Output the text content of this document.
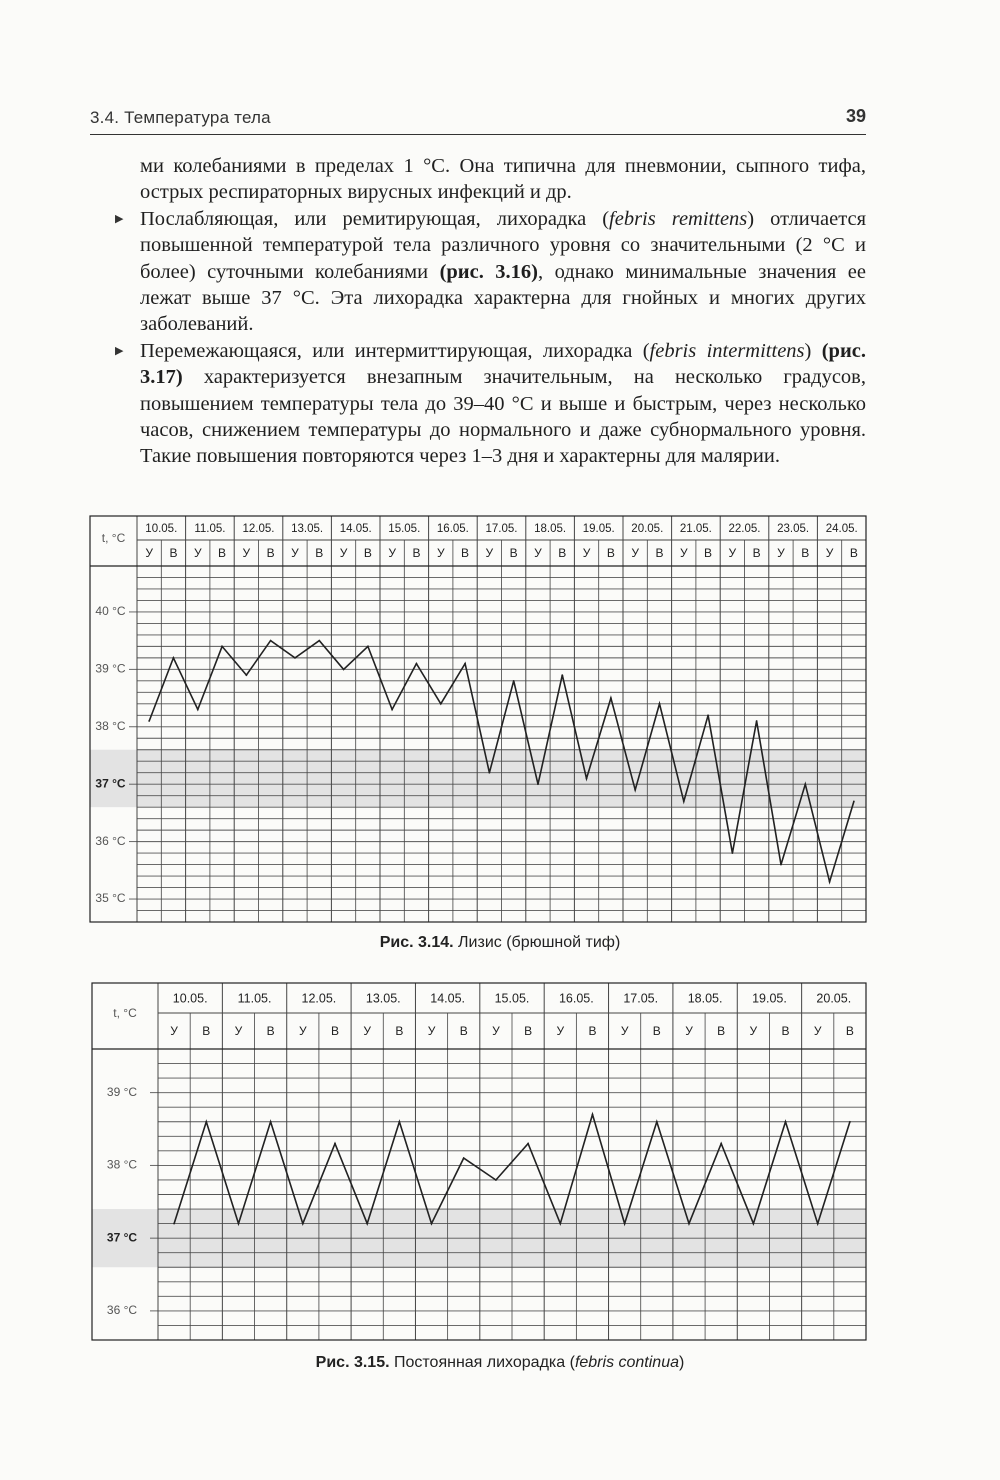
3.4. Температура тела	39

ми колебаниями в пределах 1 °С. Она типична для пневмонии, сыпного тифа, острых респираторных вирусных инфекций и др.

▶ Послабляющая, или ремитирующая, лихорадка (febris remittens) отличается повышенной температурой тела различного уровня со значительными (2 °С и более) суточными колебаниями (рис. 3.16), однако минимальные значения ее лежат выше 37 °С. Эта лихорадка характерна для гнойных и многих других заболеваний.

▶ Перемежающаяся, или интермиттирующая, лихорадка (febris intermittens) (рис. 3.17) характеризуется внезапным значительным, на несколько градусов, повышением температуры тела до 39–40 °С и выше и быстрым, через несколько часов, снижением температуры до нормального и даже субнормального уровня. Такие повышения повторяются через 1–3 дня и характерны для малярии.

t, °C
10.05. 11.05. 12.05. 13.05. 14.05. 15.05. 16.05. 17.05. 18.05. 19.05. 20.05. 21.05. 22.05. 23.05. 24.05.
У В У В У В У В У В У В У В У В У В У В У В У В У В У В У В
40 °С
39 °С
38 °С
37 °С
36 °С
35 °С
t, °C
10.05. 11.05. 12.05. 13.05. 14.05. 15.05. 16.05. 17.05. 18.05. 19.05. 20.05.
У В У В У В У В У В У В У В У В У В У В У В
39 °С
38 °С
37 °С
36 °С
Рис. 3.14. Лизис (брюшной тиф)
Рис. 3.15. Постоянная лихорадка (febris continua)
